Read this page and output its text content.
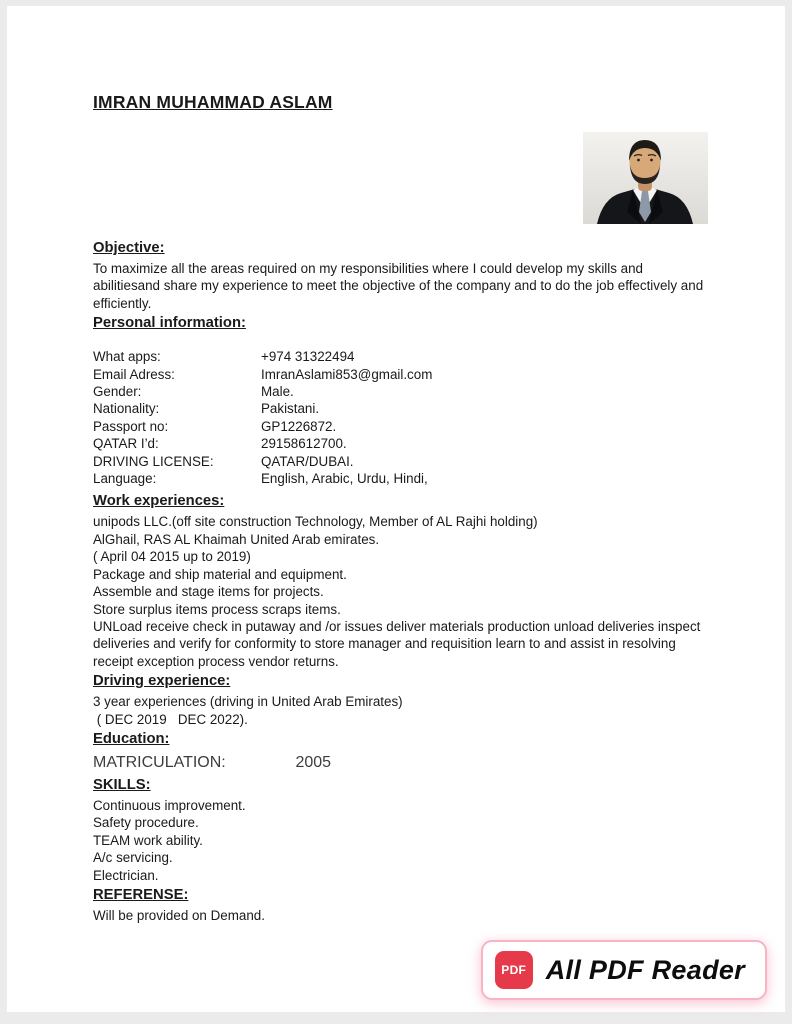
IMRAN MUHAMMAD ASLAM
Objective:

To maximize all the areas required on my responsibilities where I could develop my skills and abilitiesand share my experience to meet the objective of the company and to do the job effectively and efficiently.

Personal information:
What apps:	+974 31322494
Email Adress:	ImranAslami853@gmail.com
Gender:	Male.
Nationality:	Pakistani.
Passport no:	GP1226872.
QATAR I’d:	29158612700.
DRIVING LICENSE:	QATAR/DUBAI.
Language:	English, Arabic, Urdu, Hindi,
Work experiences:

unipods LLC.(off site construction Technology, Member of AL Rajhi holding)

AlGhail, RAS AL Khaimah United Arab emirates.

( April 04 2015 up to 2019)

Package and ship material and equipment.

Assemble and stage items for projects.

Store surplus items process scraps items.

UNLoad receive check in putaway and /or issues deliver materials production unload deliveries inspect deliveries and verify for conformity to store manager and requisition learn to and assist in resolving receipt exception process vendor returns.

Driving experience:

3 year experiences (driving in United Arab Emirates)

( DEC 2019   DEC 2022).

Education:
MATRICULATION:	2005
SKILLS:

Continuous improvement.

Safety procedure.

TEAM work ability.

A/c servicing.

Electrician.

REFERENSE:

Will be provided on Demand.

PDF All PDF Reader
